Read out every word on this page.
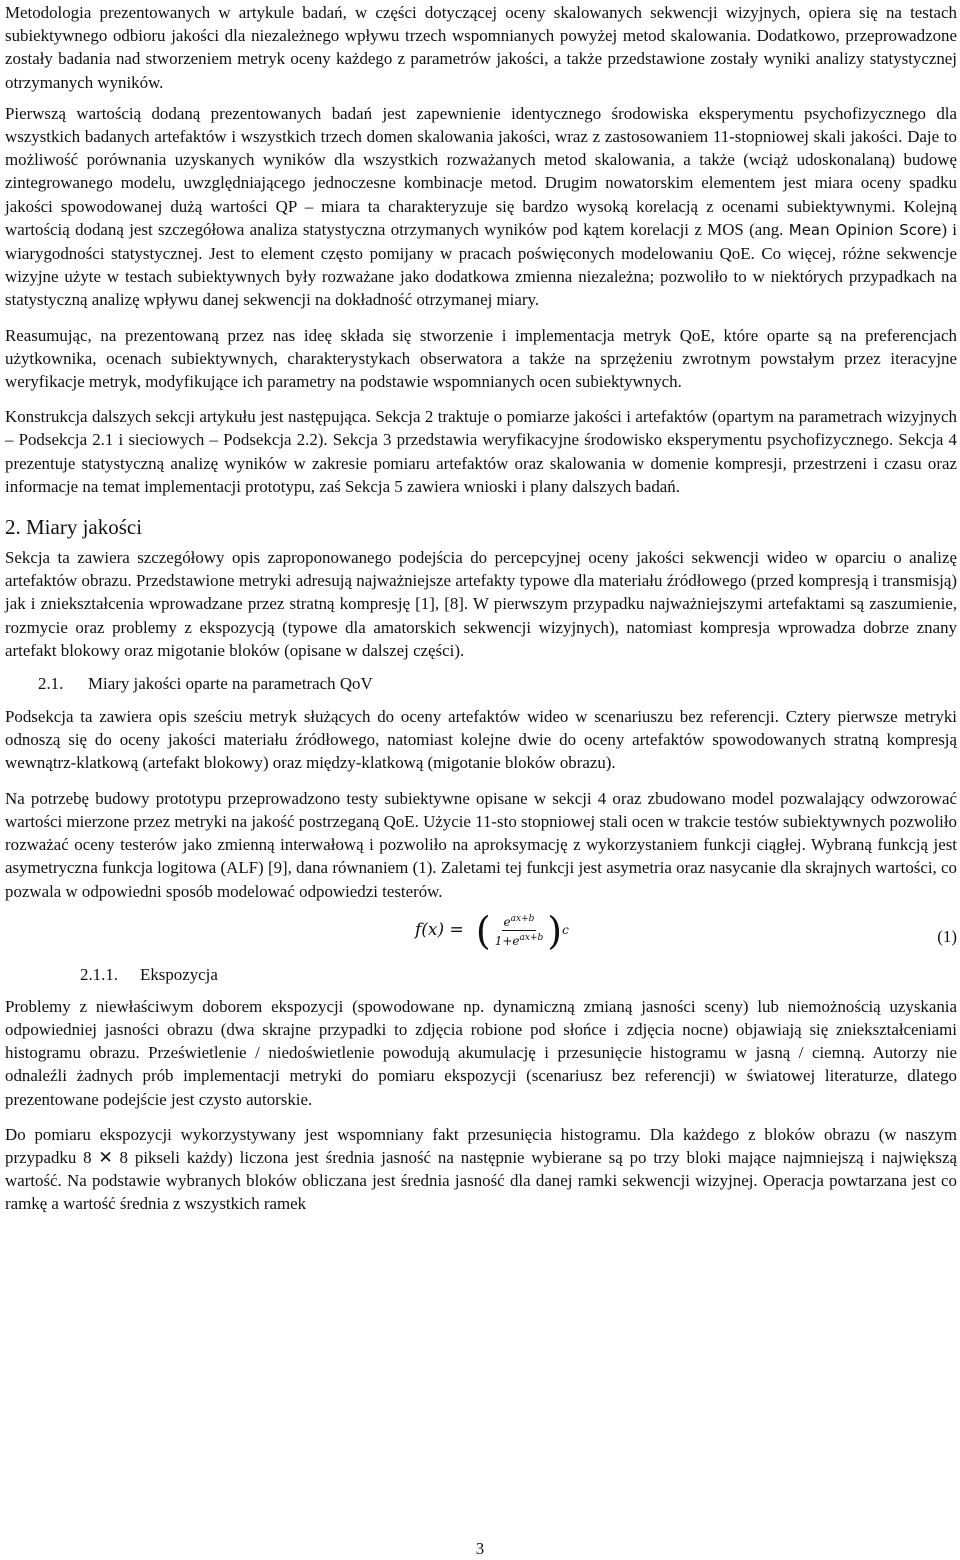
Metodologia prezentowanych w artykule badań, w części dotyczącej oceny skalowanych sekwencji wizyjnych, opiera się na testach subiektywnego odbioru jakości dla niezależnego wpływu trzech wspomnianych powyżej metod skalowania. Dodatkowo, przeprowadzone zostały badania nad stworzeniem metryk oceny każdego z parametrów jakości, a także przedstawione zostały wyniki analizy statystycznej otrzymanych wyników.

Pierwszą wartością dodaną prezentowanych badań jest zapewnienie identycznego środowiska eksperymentu psychofizycznego dla wszystkich badanych artefaktów i wszystkich trzech domen skalowania jakości, wraz z zastosowaniem 11-stopniowej skali jakości. Daje to możliwość porównania uzyskanych wyników dla wszystkich rozważanych metod skalowania, a także (wciąż udoskonalaną) budowę zintegrowanego modelu, uwzględniającego jednoczesne kombinacje metod. Drugim nowatorskim elementem jest miara oceny spadku jakości spowodowanej dużą wartości QP – miara ta charakteryzuje się bardzo wysoką korelacją z ocenami subiektywnymi. Kolejną wartością dodaną jest szczegółowa analiza statystyczna otrzymanych wyników pod kątem korelacji z MOS (ang. Mean Opinion Score) i wiarygodności statystycznej. Jest to element często pomijany w pracach poświęconych modelowaniu QoE. Co więcej, różne sekwencje wizyjne użyte w testach subiektywnych były rozważane jako dodatkowa zmienna niezależna; pozwoliło to w niektórych przypadkach na statystyczną analizę wpływu danej sekwencji na dokładność otrzymanej miary.

Reasumując, na prezentowaną przez nas ideę składa się stworzenie i implementacja metryk QoE, które oparte są na preferencjach użytkownika, ocenach subiektywnych, charakterystykach obserwatora a także na sprzężeniu zwrotnym powstałym przez iteracyjne weryfikacje metryk, modyfikujące ich parametry na podstawie wspomnianych ocen subiektywnych.

Konstrukcja dalszych sekcji artykułu jest następująca. Sekcja 2 traktuje o pomiarze jakości i artefaktów (opartym na parametrach wizyjnych – Podsekcja 2.1 i sieciowych – Podsekcja 2.2). Sekcja 3 przedstawia weryfikacyjne środowisko eksperymentu psychofizycznego. Sekcja 4 prezentuje statystyczną analizę wyników w zakresie pomiaru artefaktów oraz skalowania w domenie kompresji, przestrzeni i czasu oraz informacje na temat implementacji prototypu, zaś Sekcja 5 zawiera wnioski i plany dalszych badań.

2. Miary jakości

Sekcja ta zawiera szczegółowy opis zaproponowanego podejścia do percepcyjnej oceny jakości sekwencji wideo w oparciu o analizę artefaktów obrazu. Przedstawione metryki adresują najważniejsze artefakty typowe dla materiału źródłowego (przed kompresją i transmisją) jak i zniekształcenia wprowadzane przez stratną kompresję [1], [8]. W pierwszym przypadku najważniejszymi artefaktami są zaszumienie, rozmycie oraz problemy z ekspozycją (typowe dla amatorskich sekwencji wizyjnych), natomiast kompresja wprowadza dobrze znany artefakt blokowy oraz migotanie bloków (opisane w dalszej części).

2.1. Miary jakości oparte na parametrach QoV

Podsekcja ta zawiera opis sześciu metryk służących do oceny artefaktów wideo w scenariuszu bez referencji. Cztery pierwsze metryki odnoszą się do oceny jakości materiału źródłowego, natomiast kolejne dwie do oceny artefaktów spowodowanych stratną kompresją wewnątrz-klatkową (artefakt blokowy) oraz między-klatkową (migotanie bloków obrazu).

Na potrzebę budowy prototypu przeprowadzono testy subiektywne opisane w sekcji 4 oraz zbudowano model pozwalający odwzorować wartości mierzone przez metryki na jakość postrzeganą QoE. Użycie 11-sto stopniowej stali ocen w trakcie testów subiektywnych pozwoliło rozważać oceny testerów jako zmienną interwałową i pozwoliło na aproksymację z wykorzystaniem funkcji ciągłej. Wybraną funkcją jest asymetryczna funkcja logitowa (ALF) [9], dana równaniem (1). Zaletami tej funkcji jest asymetria oraz nasycanie dla skrajnych wartości, co pozwala w odpowiedni sposób modelować odpowiedzi testerów.

f(x) = ( $\frac{e^{ax+b}}{1+e^{ax+b}}$ ) c	(1)
2.1.1. Ekspozycja

Problemy z niewłaściwym doborem ekspozycji (spowodowane np. dynamiczną zmianą jasności sceny) lub niemożnością uzyskania odpowiedniej jasności obrazu (dwa skrajne przypadki to zdjęcia robione pod słońce i zdjęcia nocne) objawiają się zniekształceniami histogramu obrazu. Prześwietlenie / niedoświetlenie powodują akumulację i przesunięcie histogramu w jasną / ciemną. Autorzy nie odnaleźli żadnych prób implementacji metryki do pomiaru ekspozycji (scenariusz bez referencji) w światowej literaturze, dlatego prezentowane podejście jest czysto autorskie.

Do pomiaru ekspozycji wykorzystywany jest wspomniany fakt przesunięcia histogramu. Dla każdego z bloków obrazu (w naszym przypadku 8 ✕ 8 pikseli każdy) liczona jest średnia jasność na następnie wybierane są po trzy bloki mające najmniejszą i największą wartość. Na podstawie wybranych bloków obliczana jest średnia jasność dla danej ramki sekwencji wizyjnej. Operacja powtarzana jest co ramkę a wartość średnia z wszystkich ramek

3
